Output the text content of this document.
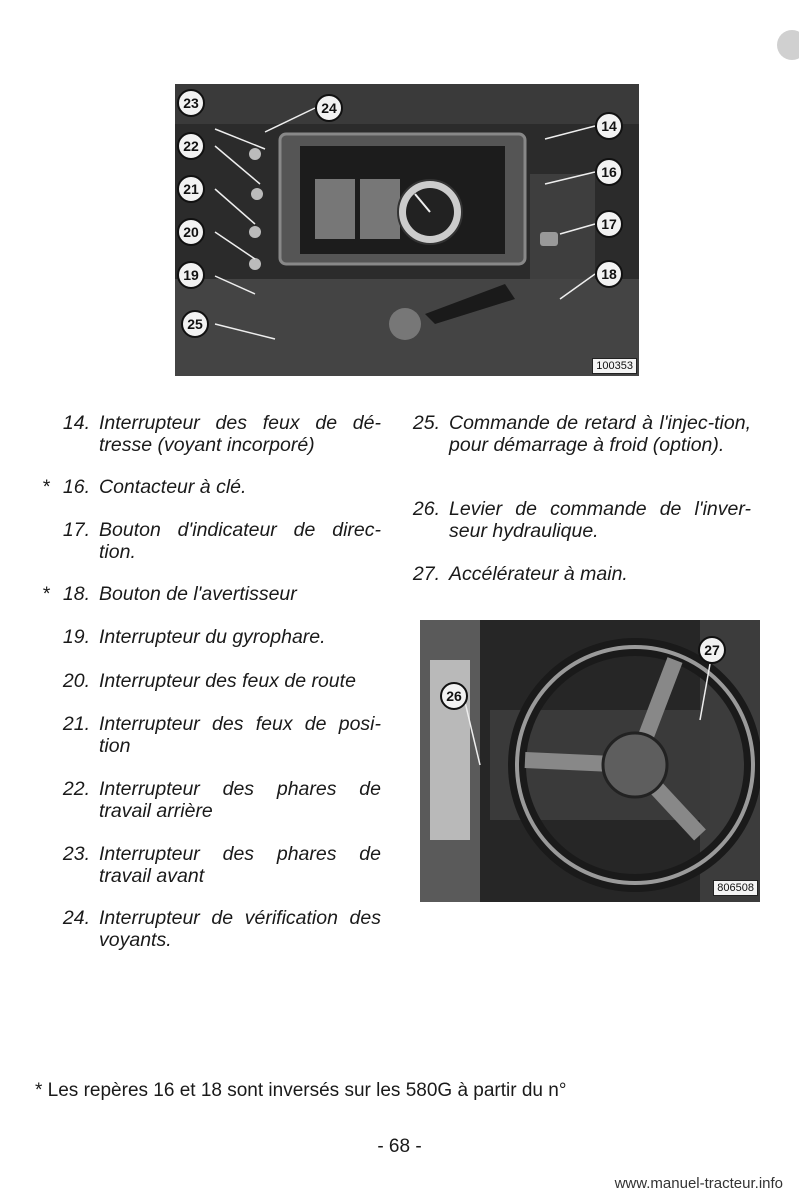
23	24
22
21
20
19
25
14
16
17
18
100353
14. Interrupteur des feux de dé-tresse (voyant incorporé)
* 16. Contacteur à clé.
17. Bouton d'indicateur de direc-tion.
* 18. Bouton de l'avertisseur
19. Interrupteur du gyrophare.
20. Interrupteur des feux de route
21. Interrupteur des feux de posi-tion
22. Interrupteur des phares de travail arrière
23. Interrupteur des phares de travail avant
24. Interrupteur de vérification des voyants.
25. Commande de retard à l'injec-tion, pour démarrage à froid (option).
26. Levier de commande de l'inver-seur hydraulique.
27. Accélérateur à main.
26
27
806508
* Les repères 16 et 18 sont inversés sur les 580G à partir du n°
- 68 -
www.manuel-tracteur.info
